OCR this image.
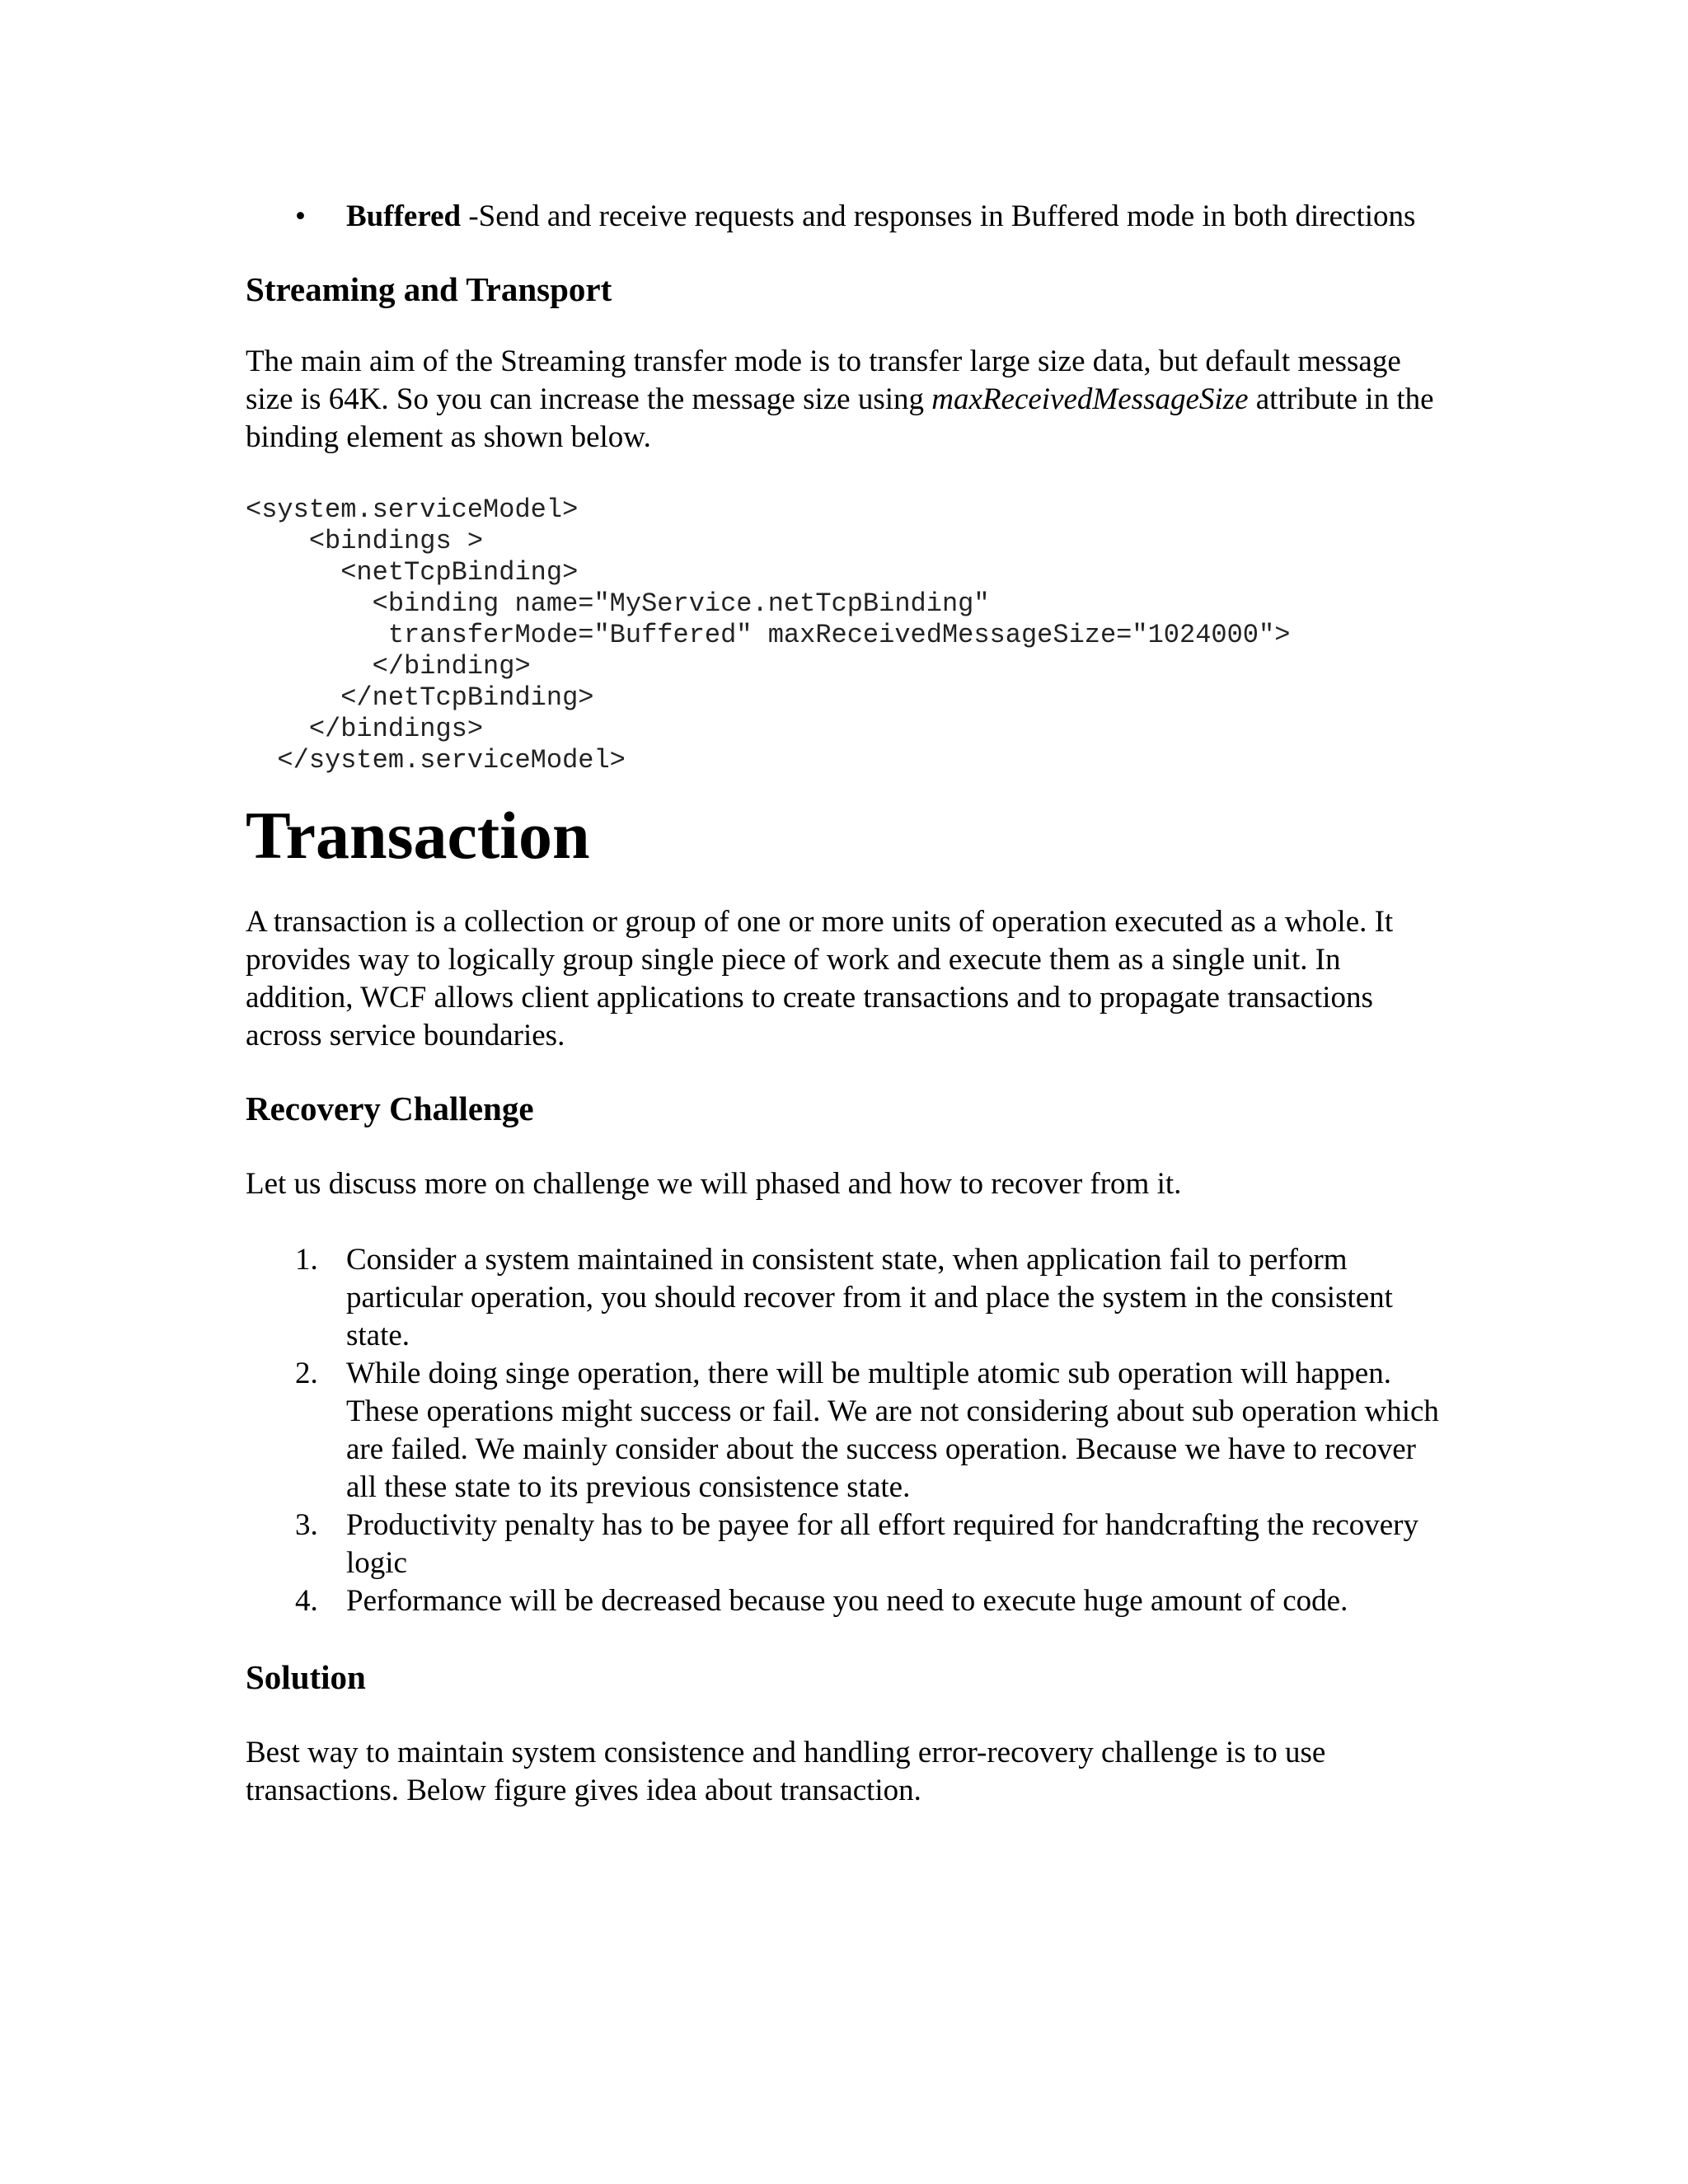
• Buffered -Send and receive requests and responses in Buffered mode in both directions
Streaming and Transport

The main aim of the Streaming transfer mode is to transfer large size data, but default message size is 64K. So you can increase the message size using maxReceivedMessageSize attribute in the binding element as shown below.

<system.serviceModel>
<bindings >
<netTcpBinding>
<binding name="MyService.netTcpBinding"
transferMode="Buffered" maxReceivedMessageSize="1024000">
</binding>
</netTcpBinding>
</bindings>
</system.serviceModel>
Transaction

A transaction is a collection or group of one or more units of operation executed as a whole. It provides way to logically group single piece of work and execute them as a single unit. In addition, WCF allows client applications to create transactions and to propagate transactions across service boundaries.

Recovery Challenge

Let us discuss more on challenge we will phased and how to recover from it.

1. Consider a system maintained in consistent state, when application fail to perform particular operation, you should recover from it and place the system in the consistent state.
2. While doing singe operation, there will be multiple atomic sub operation will happen. These operations might success or fail. We are not considering about sub operation which are failed. We mainly consider about the success operation. Because we have to recover all these state to its previous consistence state.
3. Productivity penalty has to be payee for all effort required for handcrafting the recovery logic
4. Performance will be decreased because you need to execute huge amount of code.
Solution

Best way to maintain system consistence and handling error-recovery challenge is to use transactions. Below figure gives idea about transaction.
